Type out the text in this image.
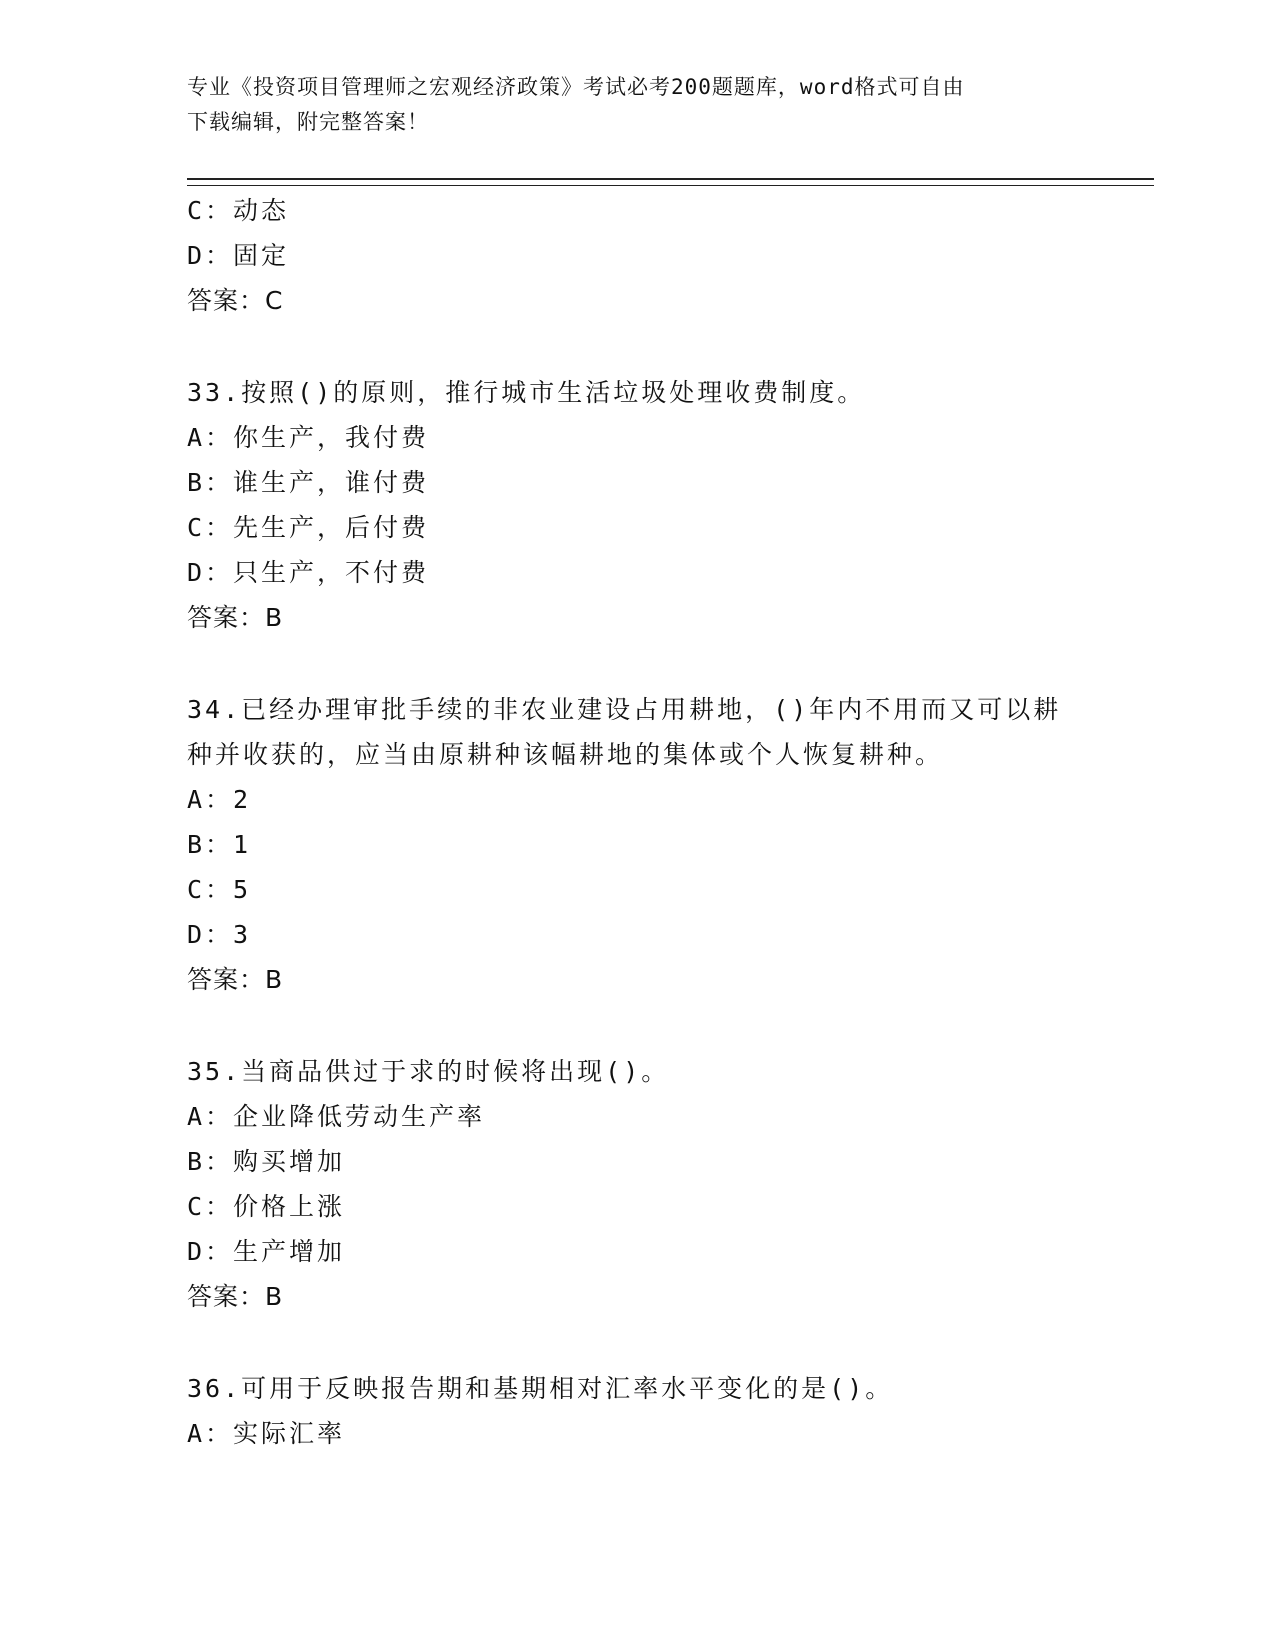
专业《投资项目管理师之宏观经济政策》考试必考200题题库，word格式可自由
下载编辑，附完整答案！
C：动态
D：固定
答案：C
33.按照()的原则，推行城市生活垃圾处理收费制度。
A：你生产，我付费
B：谁生产，谁付费
C：先生产，后付费
D：只生产，不付费
答案：B
34.已经办理审批手续的非农业建设占用耕地，()年内不用而又可以耕
种并收获的，应当由原耕种该幅耕地的集体或个人恢复耕种。
A：2
B：1
C：5
D：3
答案：B
35.当商品供过于求的时候将出现()。
A：企业降低劳动生产率
B：购买增加
C：价格上涨
D：生产增加
答案：B
36.可用于反映报告期和基期相对汇率水平变化的是()。
A：实际汇率
